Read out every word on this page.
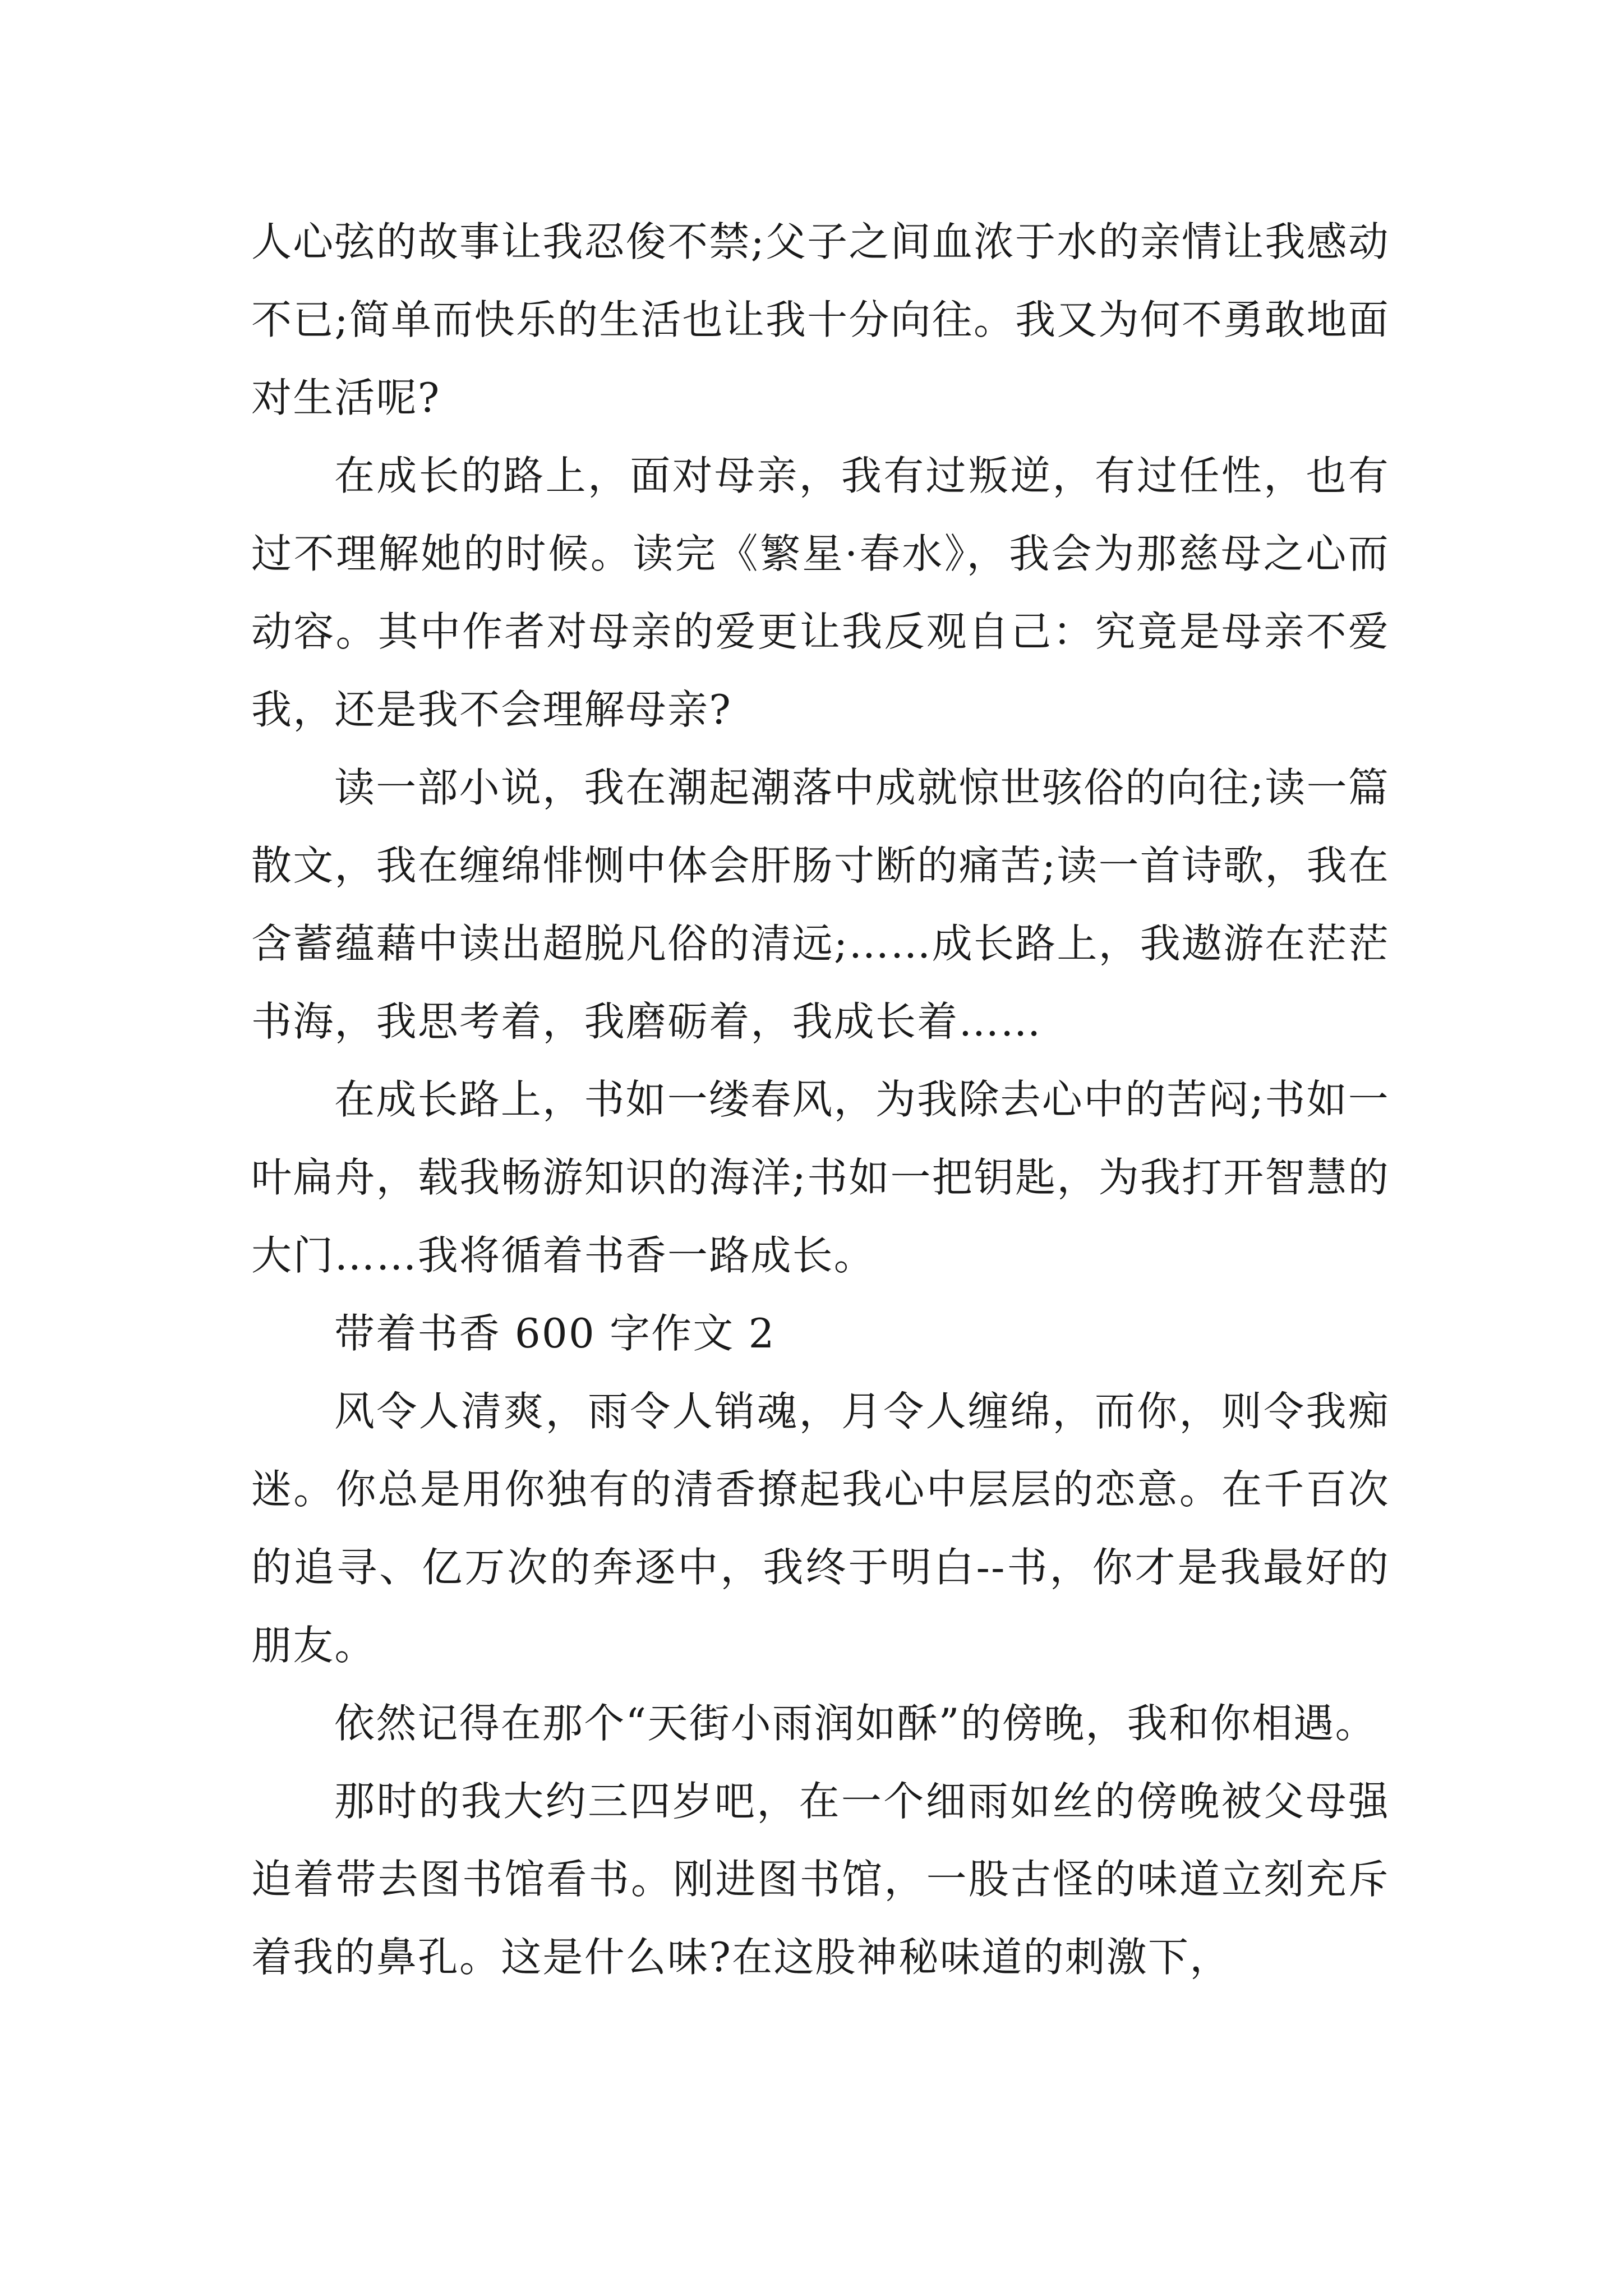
人心弦的故事让我忍俊不禁;父子之间血浓于水的亲情让我感动不已;简单而快乐的生活也让我十分向往。我又为何不勇敢地面对生活呢?

在成长的路上，面对母亲，我有过叛逆，有过任性，也有过不理解她的时候。读完《繁星·春水》，我会为那慈母之心而动容。其中作者对母亲的爱更让我反观自己：究竟是母亲不爱我，还是我不会理解母亲?

读一部小说，我在潮起潮落中成就惊世骇俗的向往;读一篇散文，我在缠绵悱恻中体会肝肠寸断的痛苦;读一首诗歌，我在含蓄蕴藉中读出超脱凡俗的清远;……成长路上，我遨游在茫茫书海，我思考着，我磨砺着，我成长着……

在成长路上，书如一缕春风，为我除去心中的苦闷;书如一叶扁舟，载我畅游知识的海洋;书如一把钥匙，为我打开智慧的大门……我将循着书香一路成长。

带着书香 600 字作文 2

风令人清爽，雨令人销魂，月令人缠绵，而你，则令我痴迷。你总是用你独有的清香撩起我心中层层的恋意。在千百次的追寻、亿万次的奔逐中，我终于明白--书，你才是我最好的朋友。

依然记得在那个“天街小雨润如酥”的傍晚，我和你相遇。

那时的我大约三四岁吧，在一个细雨如丝的傍晚被父母强迫着带去图书馆看书。刚进图书馆，一股古怪的味道立刻充斥着我的鼻孔。这是什么味?在这股神秘味道的刺激下，
